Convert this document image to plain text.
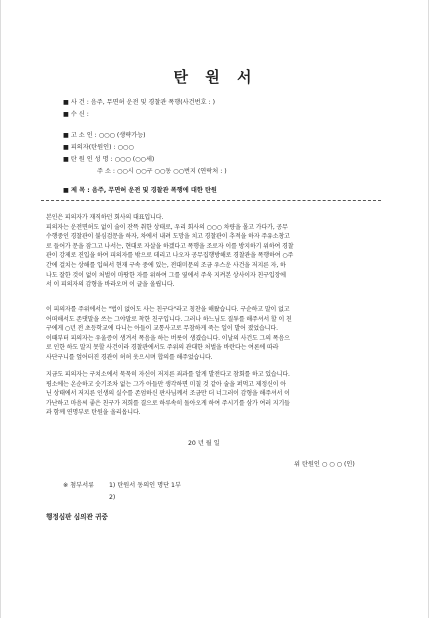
탄 원 서
■ 사 건 : 음주, 무면허 운전 및 경찰관 폭행(사건번호 : )
■ 수 신 :
■ 고 소 인 : ○○○ (생략가능)
■ 피의자(탄원인) : ○○○
■ 탄 원 인 성 명 : ○○○ (○○세)
주 소 : ○○시 ○○구 ○○동 ○○번지 (연락처 : )
■ 제 목 : 음주, 무면허 운전 및 경찰관 폭행에 대한 탄원
본인은 피의자가 재직하던 회사의 대표입니다.
피의자는 운전면허도 없이 술이 잔뜩 취한 상태로, 우리 회사의 ○○○ 차량을 몰고 가다가, 공무
수행중인 경찰관이 불심검문을 하자, 차에서 내려 도망을 치고 경찰관이 추적을 하자 주유소창고
로 들어가 문을 잠그고 나서는, 현대로 자살을 하겠다고 폭행을 조로자 이를 방지하기 위하여 경찰
관이 강제로 진입을 하여 피의자를 밖으로 데리고 나오자 공무집행방해로 경찰관을 폭행하여 ○주
간에 걸치는 상해를 입혀서 현재 구속 중에 있는, 전대미문의 조금 우스운 사건을 저지른 자, 하
나도 잘한 것이 없이 처벌이 마땅한 자를 위하여 그를 옆에서 주욱 지켜본 상사이자 친구입장에
서 이 피의자의 감형을 바라오며 이 글을 올립니다.
이 피의자를 주위에서는 "법이 없어도 사는 친구다"라고 칭찬을 해왔습니다. 구순하고 말이 없고
어떠해서도 존댓말을 쓰는 그야말로 착한 친구입니다. 그러나 하느님도 질투를 해주셔서 할 이 친
구에게 ○년 전 초등학교에 다니는 아들이 교통사고로 무참하게 죽는 일이 발어 졌었습니다.
이때부터 피의자는 우울증이 생겨서 폭음을 하는 버릇이 생겼습니다. 이날의 사건도 그의 폭음으
로 인한 하도 말지 못할 사건이라 경찰관에서도 주위의 관대한 처벌을 바란다는 여론에 따라
사단구니를 엎어터진 경관이 허허 웃으시며 합의를 해주었습니다.
지금도 피의자는 구치소에서 묵묵히 자신이 저지른 죄과를 알게 발전다고 참회를 하고 있습니다.
평소에는 온순하고 숫기조차 없는 그가 아들만 생각하면 미칠 것 같아 술을 퍼먹고 제정신이 아
닌 상태에서 저지른 인생의 실수를 존엄하신 판사님께서 조금만 더 너그러이 감형을 해주셔서 이
가난하고 마음씨 좋은 친구가 저희를 결으로 하루속히 돌아오게 하여 주시기를 삼가 여러 지기들
과 함께 연명부로 탄원을 올리옵니다.
20 년 월 일
위 탄원인 ○ ○ ○ (인)
※ 첨부서류 1) 탄원서 동의인 명단 1부
2)
행정심판 심의관 귀중
